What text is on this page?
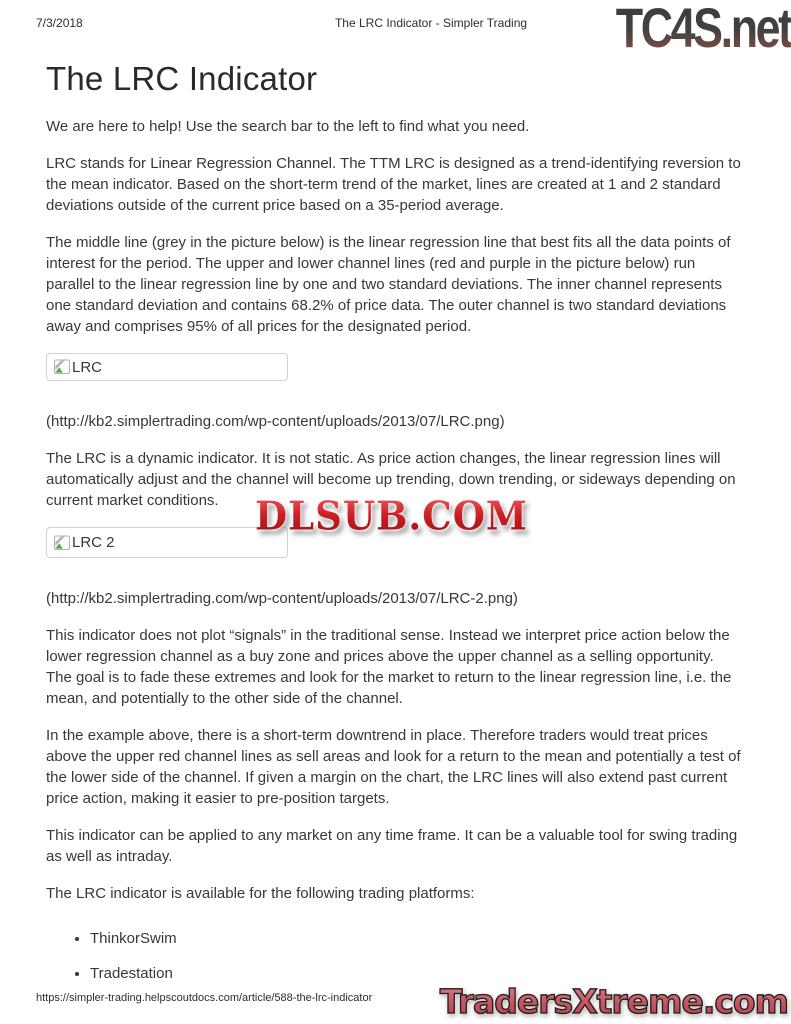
7/3/2018	The LRC Indicator - Simpler Trading TC4S.net
The LRC Indicator

We are here to help! Use the search bar to the left to find what you need.

LRC stands for Linear Regression Channel. The TTM LRC is designed as a trend-identifying reversion to the mean indicator. Based on the short-term trend of the market, lines are created at 1 and 2 standard deviations outside of the current price based on a 35-period average.

The middle line (grey in the picture below) is the linear regression line that best fits all the data points of interest for the period. The upper and lower channel lines (red and purple in the picture below) run parallel to the linear regression line by one and two standard deviations. The inner channel represents one standard deviation and contains 68.2% of price data. The outer channel is two standard deviations away and comprises 95% of all prices for the designated period.

LRC

(http://kb2.simplertrading.com/wp-content/uploads/2013/07/LRC.png)

The LRC is a dynamic indicator. It is not static. As price action changes, the linear regression lines will automatically adjust and the channel will become up trending, down trending, or sideways depending on current market conditions.

LRC 2
DLSUB.COM

(http://kb2.simplertrading.com/wp-content/uploads/2013/07/LRC-2.png)

This indicator does not plot “signals” in the traditional sense. Instead we interpret price action below the lower regression channel as a buy zone and prices above the upper channel as a selling opportunity. The goal is to fade these extremes and look for the market to return to the linear regression line, i.e. the mean, and potentially to the other side of the channel.

In the example above, there is a short-term downtrend in place. Therefore traders would treat prices above the upper red channel lines as sell areas and look for a return to the mean and potentially a test of the lower side of the channel. If given a margin on the chart, the LRC lines will also extend past current price action, making it easier to pre-position targets.

This indicator can be applied to any market on any time frame. It can be a valuable tool for swing trading as well as intraday.

The LRC indicator is available for the following trading platforms:

• ThinkorSwim
• Tradestation
https://simpler-trading.helpscoutdocs.com/article/588-the-lrc-indicator TradersXtreme.com
